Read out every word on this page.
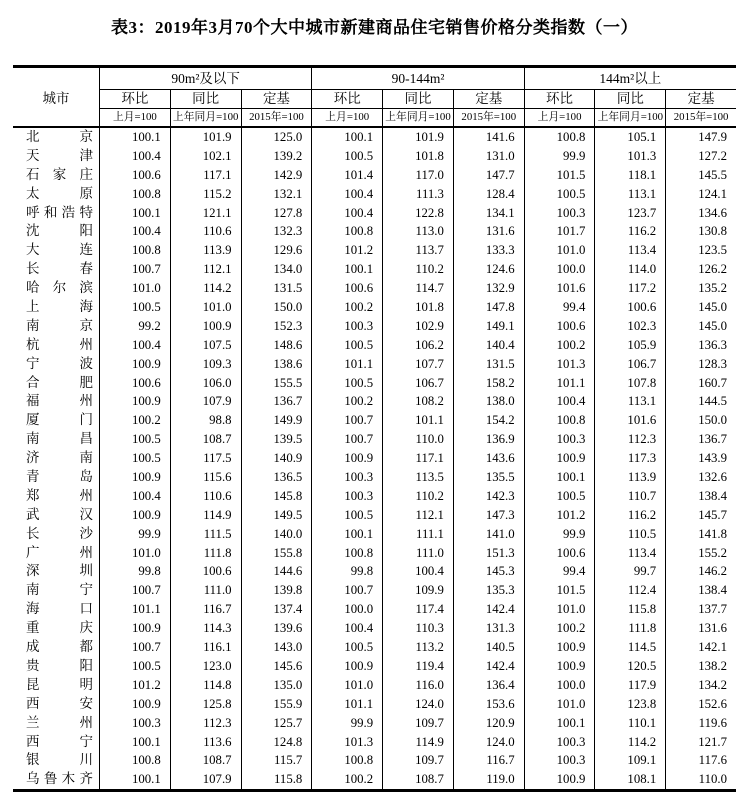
表3：2019年3月70个大中城市新建商品住宅销售价格分类指数（一）
城市
90m²及以下	90-144m²	144m²以上
环比	同比	定基	环比	同比	定基	环比	同比	定基
上月=100	上年同月=100 2015年=100	上月=100	上年同月=100 2015年=100	上月=100	上年同月=100 2015年=100
北京	100.1	101.9	125.0	100.1	101.9	141.6	100.8	105.1	147.9
天津	100.4	102.1	139.2	100.5	101.8	131.0	99.9	101.3	127.2
石家庄	100.6	117.1	142.9	101.4	117.0	147.7	101.5	118.1	145.5
太原	100.8	115.2	132.1	100.4	111.3	128.4	100.5	113.1	124.1
呼和浩特	100.1	121.1	127.8	100.4	122.8	134.1	100.3	123.7	134.6
沈阳	100.4	110.6	132.3	100.8	113.0	131.6	101.7	116.2	130.8
大连	100.8	113.9	129.6	101.2	113.7	133.3	101.0	113.4	123.5
长春	100.7	112.1	134.0	100.1	110.2	124.6	100.0	114.0	126.2
哈尔滨	101.0	114.2	131.5	100.6	114.7	132.9	101.6	117.2	135.2
上海	100.5	101.0	150.0	100.2	101.8	147.8	99.4	100.6	145.0
南京	99.2	100.9	152.3	100.3	102.9	149.1	100.6	102.3	145.0
杭州	100.4	107.5	148.6	100.5	106.2	140.4	100.2	105.9	136.3
宁波	100.9	109.3	138.6	101.1	107.7	131.5	101.3	106.7	128.3
合肥	100.6	106.0	155.5	100.5	106.7	158.2	101.1	107.8	160.7
福州	100.9	107.9	136.7	100.2	108.2	138.0	100.4	113.1	144.5
厦门	100.2	98.8	149.9	100.7	101.1	154.2	100.8	101.6	150.0
南昌	100.5	108.7	139.5	100.7	110.0	136.9	100.3	112.3	136.7
济南	100.5	117.5	140.9	100.9	117.1	143.6	100.9	117.3	143.9
青岛	100.9	115.6	136.5	100.3	113.5	135.5	100.1	113.9	132.6
郑州	100.4	110.6	145.8	100.3	110.2	142.3	100.5	110.7	138.4
武汉	100.9	114.9	149.5	100.5	112.1	147.3	101.2	116.2	145.7
长沙	99.9	111.5	140.0	100.1	111.1	141.0	99.9	110.5	141.8
广州	101.0	111.8	155.8	100.8	111.0	151.3	100.6	113.4	155.2
深圳	99.8	100.6	144.6	99.8	100.4	145.3	99.4	99.7	146.2
南宁	100.7	111.0	139.8	100.7	109.9	135.3	101.5	112.4	138.4
海口	101.1	116.7	137.4	100.0	117.4	142.4	101.0	115.8	137.7
重庆	100.9	114.3	139.6	100.4	110.3	131.3	100.2	111.8	131.6
成都	100.7	116.1	143.0	100.5	113.2	140.5	100.9	114.5	142.1
贵阳	100.5	123.0	145.6	100.9	119.4	142.4	100.9	120.5	138.2
昆明	101.2	114.8	135.0	101.0	116.0	136.4	100.0	117.9	134.2
西安	100.9	125.8	155.9	101.1	124.0	153.6	101.0	123.8	152.6
兰州	100.3	112.3	125.7	99.9	109.7	120.9	100.1	110.1	119.6
西宁	100.1	113.6	124.8	101.3	114.9	124.0	100.3	114.2	121.7
银川	100.8	108.7	115.7	100.8	109.7	116.7	100.3	109.1	117.6
乌鲁木齐	100.1	107.9	115.8	100.2	108.7	119.0	100.9	108.1	110.0
